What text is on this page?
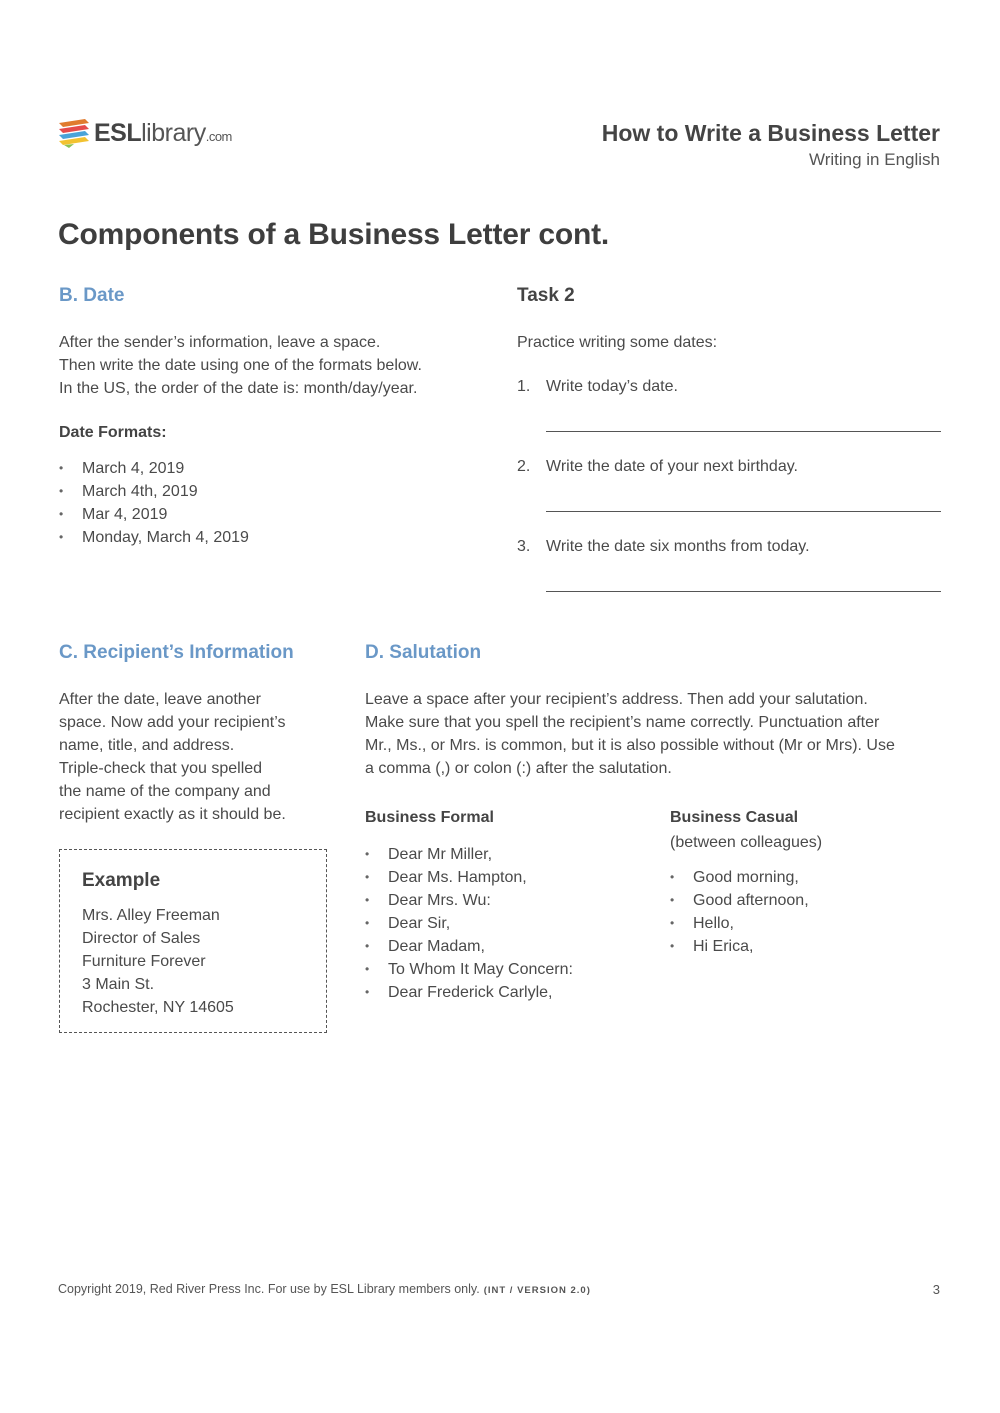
ESLlibrary.com	How to Write a Business Letter
Writing in English
Components of a Business Letter cont.
B. Date
After the sender’s information, leave a space.
Then write the date using one of the formats below.
In the US, the order of the date is: month/day/year.
Date Formats:
• March 4, 2019
• March 4th, 2019
• Mar 4, 2019
• Monday, March 4, 2019
Task 2
Practice writing some dates:
1. Write today’s date.
2. Write the date of your next birthday.
3. Write the date six months from today.
C. Recipient’s Information
After the date, leave another
space. Now add your recipient’s
name, title, and address.
Triple-check that you spelled
the name of the company and
recipient exactly as it should be.
Example
Mrs. Alley Freeman
Director of Sales
Furniture Forever
3 Main St.
Rochester, NY 14605
D. Salutation
Leave a space after your recipient’s address. Then add your salutation.
Make sure that you spell the recipient’s name correctly. Punctuation after
Mr., Ms., or Mrs. is common, but it is also possible without (Mr or Mrs). Use
a comma (,) or colon (:) after the salutation.
Business Formal
• Dear Mr Miller,
• Dear Ms. Hampton,
• Dear Mrs. Wu:
• Dear Sir,
• Dear Madam,
• To Whom It May Concern:
• Dear Frederick Carlyle,
Business Casual
(between colleagues)
• Good morning,
• Good afternoon,
• Hello,
• Hi Erica,
Copyright 2019, Red River Press Inc. For use by ESL Library members only. (INT / VERSION 2.0)	3
